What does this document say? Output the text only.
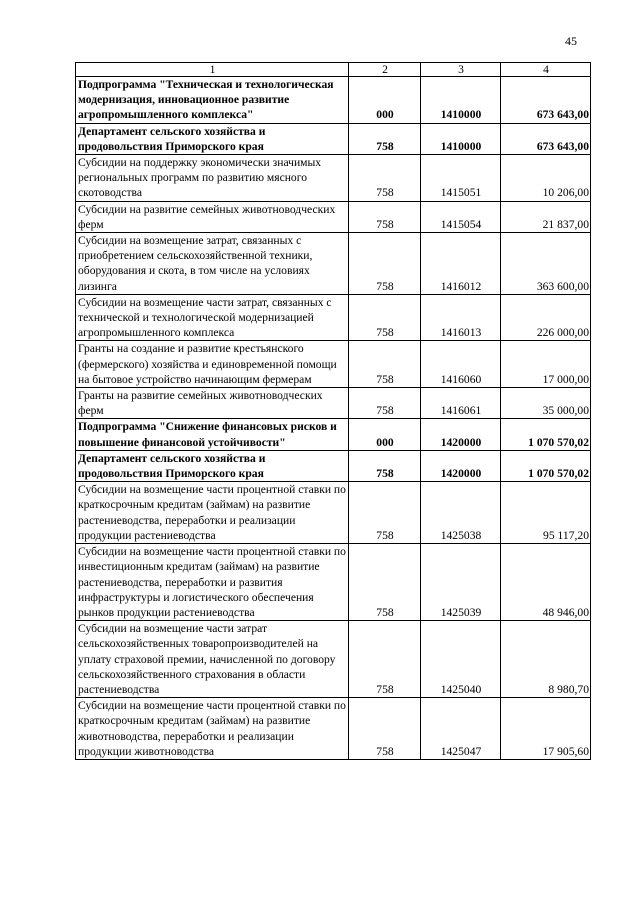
45
1	2	3	4
Подпрограмма "Техническая и технологическая модернизация, инновационное развитие агропромышленного комплекса"	000	1410000	673 643,00
Департамент сельского хозяйства и продовольствия Приморского края	758	1410000	673 643,00
Субсидии на поддержку экономически значимых региональных программ по развитию мясного скотоводства	758	1415051	10 206,00
Субсидии на развитие семейных животноводческих ферм	758	1415054	21 837,00
Субсидии на возмещение затрат, связанных с приобретением сельскохозяйственной техники, оборудования и скота, в том числе на условиях лизинга	758	1416012	363 600,00
Субсидии на возмещение части затрат, связанных с технической и технологической модернизацией агропромышленного комплекса	758	1416013	226 000,00
Гранты на создание и развитие крестьянского (фермерского) хозяйства и единовременной помощи на бытовое устройство начинающим фермерам	758	1416060	17 000,00
Гранты на развитие семейных животноводческих ферм	758	1416061	35 000,00
Подпрограмма "Снижение финансовых рисков и повышение финансовой устойчивости"	000	1420000	1 070 570,02
Департамент сельского хозяйства и продовольствия Приморского края	758	1420000	1 070 570,02
Субсидии на возмещение части процентной ставки по краткосрочным кредитам (займам) на развитие растениеводства, переработки и реализации продукции растениеводства	758	1425038	95 117,20
Субсидии на возмещение части процентной ставки по инвестиционным кредитам (займам) на развитие растениеводства, переработки и развития инфраструктуры и логистического обеспечения рынков продукции растениеводства	758	1425039	48 946,00
Субсидии на возмещение части затрат сельскохозяйственных товаропроизводителей на уплату страховой премии, начисленной по договору сельскохозяйственного страхования в области растениеводства	758	1425040	8 980,70
Субсидии на возмещение части процентной ставки по краткосрочным кредитам (займам) на развитие животноводства, переработки и реализации продукции животноводства	758	1425047	17 905,60
